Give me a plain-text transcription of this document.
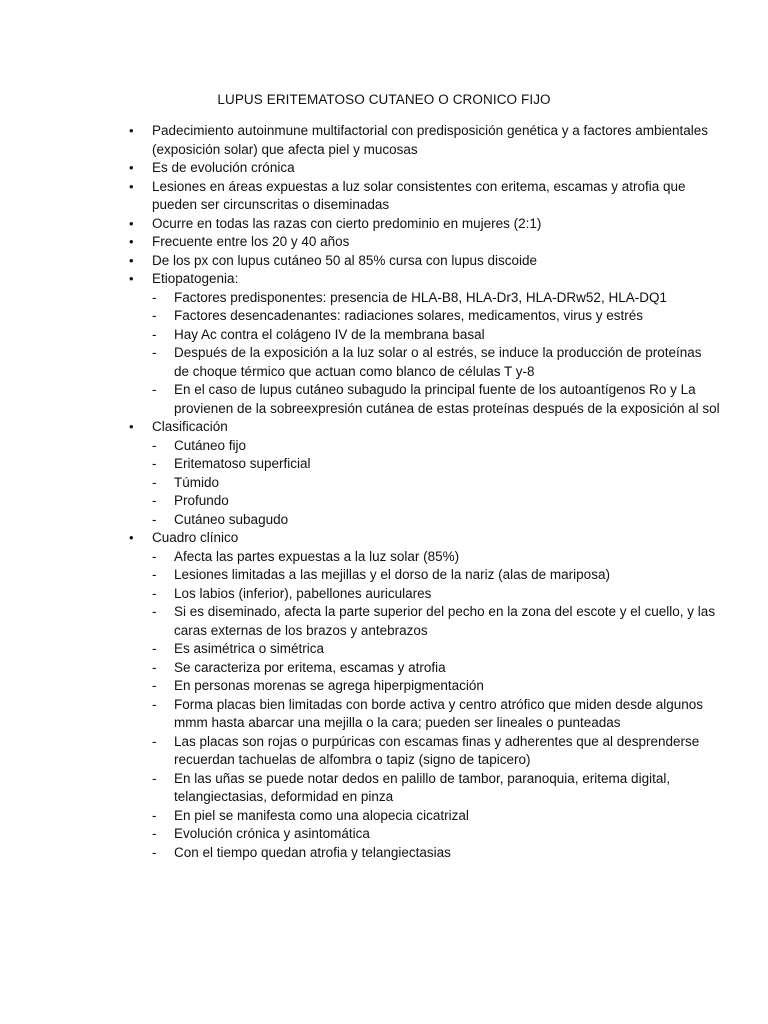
LUPUS ERITEMATOSO CUTANEO O CRONICO FIJO
• Padecimiento autoinmune multifactorial con predisposición genética y a factores ambientales (exposición solar) que afecta piel y mucosas
• Es de evolución crónica
• Lesiones en áreas expuestas a luz solar consistentes con eritema, escamas y atrofia que pueden ser circunscritas o diseminadas
• Ocurre en todas las razas con cierto predominio en mujeres (2:1)
• Frecuente entre los 20 y 40 años
• De los px con lupus cutáneo 50 al 85% cursa con lupus discoide
• Etiopatogenia:
- Factores predisponentes: presencia de HLA-B8, HLA-Dr3, HLA-DRw52, HLA-DQ1
- Factores desencadenantes: radiaciones solares, medicamentos, virus y estrés
- Hay Ac contra el colágeno IV de la membrana basal
- Después de la exposición a la luz solar o al estrés, se induce la producción de proteínas de choque térmico que actuan como blanco de células T y-8
- En el caso de lupus cutáneo subagudo la principal fuente de los autoantígenos Ro y La provienen de la sobreexpresión cutánea de estas proteínas después de la exposición al sol
• Clasificación
- Cutáneo fijo
- Eritematoso superficial
- Túmido
- Profundo
- Cutáneo subagudo
• Cuadro clínico
- Afecta las partes expuestas a la luz solar (85%)
- Lesiones limitadas a las mejillas y el dorso de la nariz (alas de mariposa)
- Los labios (inferior), pabellones auriculares
- Si es diseminado, afecta la parte superior del pecho en la zona del escote y el cuello, y las caras externas de los brazos y antebrazos
- Es asimétrica o simétrica
- Se caracteriza por eritema, escamas y atrofia
- En personas morenas se agrega hiperpigmentación
- Forma placas bien limitadas con borde activa y centro atrófico que miden desde algunos mmm hasta abarcar una mejilla o la cara; pueden ser lineales o punteadas
- Las placas son rojas o purpúricas con escamas finas y adherentes que al desprenderse recuerdan tachuelas de alfombra o tapiz (signo de tapicero)
- En las uñas se puede notar dedos en palillo de tambor, paranoquia, eritema digital, telangiectasias, deformidad en pinza
- En piel se manifesta como una alopecia cicatrizal
- Evolución crónica y asintomática
- Con el tiempo quedan atrofia y telangiectasias
